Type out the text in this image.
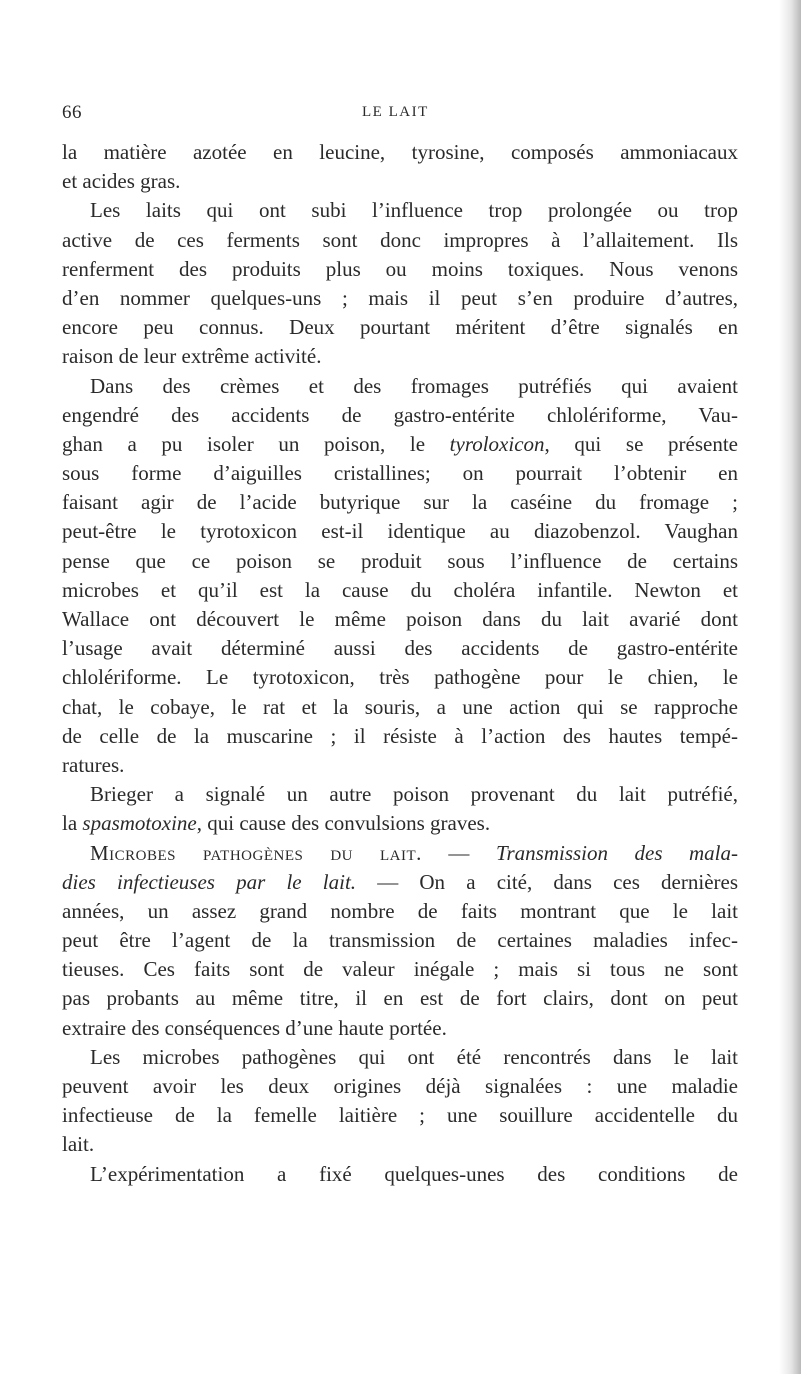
66	LE LAIT
la matière azotée en leucine, tyrosine, composés ammoniacaux
et acides gras.
Les laits qui ont subi l’influence trop prolongée ou trop
active de ces ferments sont donc impropres à l’allaitement. Ils
renferment des produits plus ou moins toxiques. Nous venons
d’en nommer quelques-uns ; mais il peut s’en produire d’autres,
encore peu connus. Deux pourtant méritent d’être signalés en
raison de leur extrême activité.
Dans des crèmes et des fromages putréfiés qui avaient
engendré des accidents de gastro-entérite chlolériforme, Vau-
ghan a pu isoler un poison, le tyroloxicon, qui se présente
sous forme d’aiguilles cristallines; on pourrait l’obtenir en
faisant agir de l’acide butyrique sur la caséine du fromage ;
peut-être le tyrotoxicon est-il identique au diazobenzol. Vaughan
pense que ce poison se produit sous l’influence de certains
microbes et qu’il est la cause du choléra infantile. Newton et
Wallace ont découvert le même poison dans du lait avarié dont
l’usage avait déterminé aussi des accidents de gastro-entérite
chlolériforme. Le tyrotoxicon, très pathogène pour le chien, le
chat, le cobaye, le rat et la souris, a une action qui se rapproche
de celle de la muscarine ; il résiste à l’action des hautes tempé-
ratures.
Brieger a signalé un autre poison provenant du lait putréfié,
la spasmotoxine, qui cause des convulsions graves.
Microbes pathogènes du lait. — Transmission des mala-
dies infectieuses par le lait. — On a cité, dans ces dernières
années, un assez grand nombre de faits montrant que le lait
peut être l’agent de la transmission de certaines maladies infec-
tieuses. Ces faits sont de valeur inégale ; mais si tous ne sont
pas probants au même titre, il en est de fort clairs, dont on peut
extraire des conséquences d’une haute portée.
Les microbes pathogènes qui ont été rencontrés dans le lait
peuvent avoir les deux origines déjà signalées : une maladie
infectieuse de la femelle laitière ; une souillure accidentelle du
lait.
L’expérimentation a fixé quelques-unes des conditions de
